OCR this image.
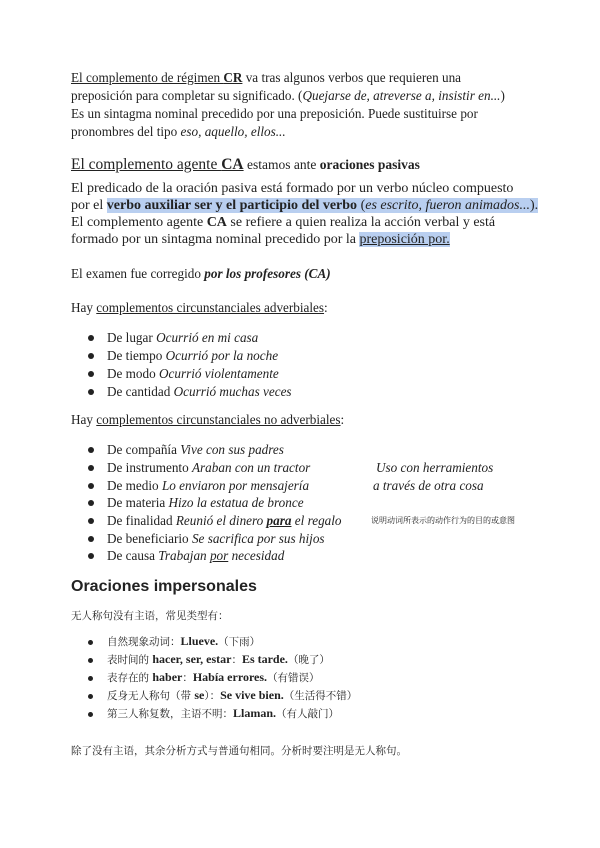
El complemento de régimen CR va tras algunos verbos que requieren una
preposición para completar su significado. (Quejarse de, atreverse a, insistir en...)
Es un sintagma nominal precedido por una preposición. Puede sustituirse por
pronombres del tipo eso, aquello, ellos...
El complemento agente CA estamos ante oraciones pasivas
El predicado de la oración pasiva está formado por un verbo núcleo compuesto
por el verbo auxiliar ser y el participio del verbo (es escrito, fueron animados...).
El complemento agente CA se refiere a quien realiza la acción verbal y está
formado por un sintagma nominal precedido por la preposición por.
El examen fue corregido por los profesores (CA)
Hay complementos circunstanciales adverbiales:
De lugar Ocurrió en mi casa
De tiempo Ocurrió por la noche
De modo Ocurrió violentamente
De cantidad Ocurrió muchas veces
Hay complementos circunstanciales no adverbiales:
De compañía Vive con sus padres
De instrumento Araban con un tractor
De medio Lo enviaron por mensajería
De materia Hizo la estatua de bronce
De finalidad Reunió el dinero para el regalo
De beneficiario Se sacrifica por sus hijos
De causa Trabajan por necesidad
Uso con herramientos
a través de otra cosa
说明动词所表示的动作行为的目的或意图
Oraciones impersonales
无人称句没有主语，常见类型有：
自然现象动词：Llueve.（下雨）
表时间的 hacer, ser, estar：Es tarde.（晚了）
表存在的 haber：Había errores.（有错误）
反身无人称句（带 se）：Se vive bien.（生活得不错）
第三人称复数，主语不明：Llaman.（有人敲门）
除了没有主语，其余分析方式与普通句相同。分析时要注明是无人称句。
